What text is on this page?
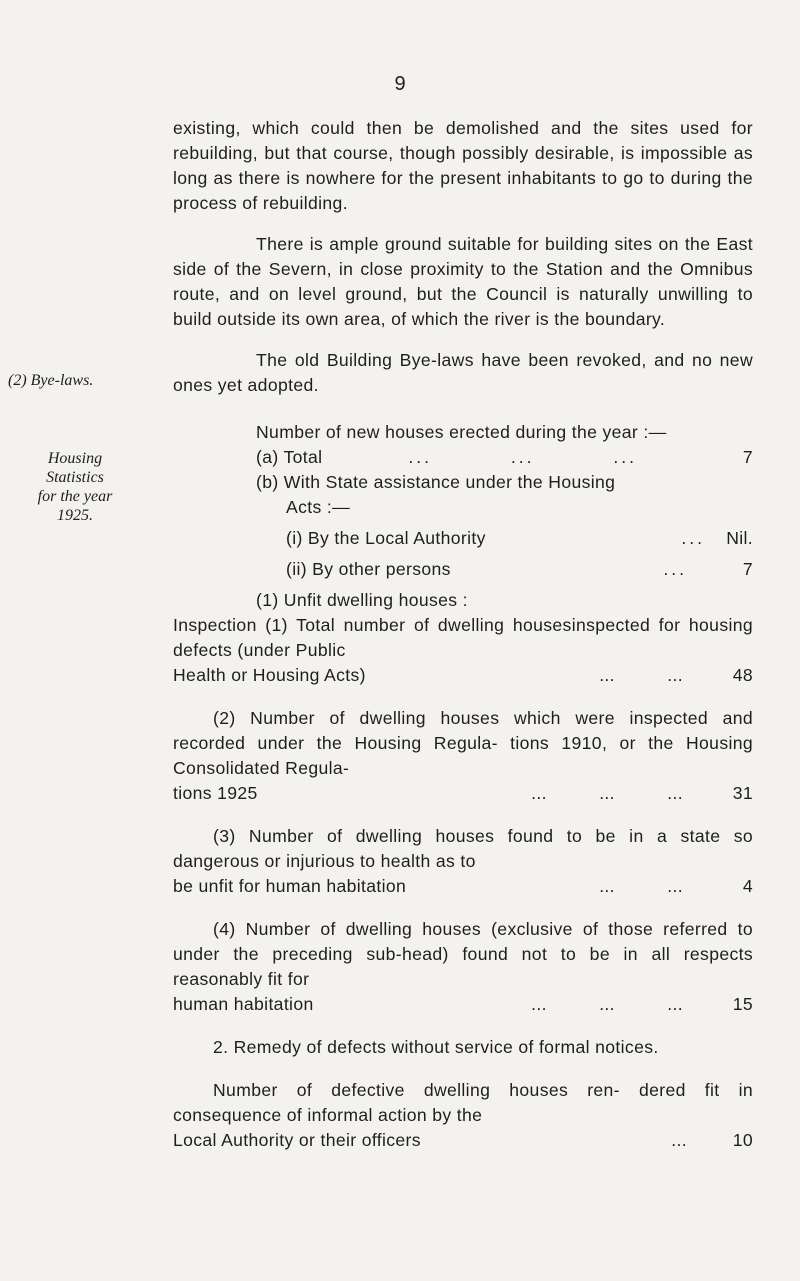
9
(2) Bye-laws.
Housing
Statistics
for the year
1925.

existing, which could then be demolished and the sites used for rebuilding, but that course, though possibly desirable, is impossible as long as there is nowhere for the present inhabitants to go to during the process of rebuilding.

There is ample ground suitable for building sites on the East side of the Severn, in close proximity to the Station and the Omnibus route, and on level ground, but the Council is naturally unwilling to build outside its own area, of which the river is the boundary.

The old Building Bye-laws have been revoked, and no new ones yet adopted.

Number of new houses erected during the year :—

(a) Total	...          ...          ...	7
(b) With State assistance under the Housing
Acts :—
(i) By the Local Authority	... Nil.
(ii) By other persons	...	7
(1) Unfit dwelling houses :

Inspection (1) Total number of dwelling housesinspected for housing defects (under Public

Health or Housing Acts)	...          ...	48

(2) Number of dwelling houses which were inspected and recorded under the Housing Regula- tions 1910, or the Housing Consolidated Regula-

tions 1925	...          ...          ...	31

(3) Number of dwelling houses found to be in a state so dangerous or injurious to health as to

be unfit for human habitation	...          ...	4

(4) Number of dwelling houses (exclusive of those referred to under the preceding sub-head) found not to be in all respects reasonably fit for

human habitation	...          ...          ...	15

2. Remedy of defects without service of formal notices.

Number of defective dwelling houses ren- dered fit in consequence of informal action by the

Local Authority or their officers	...	10
